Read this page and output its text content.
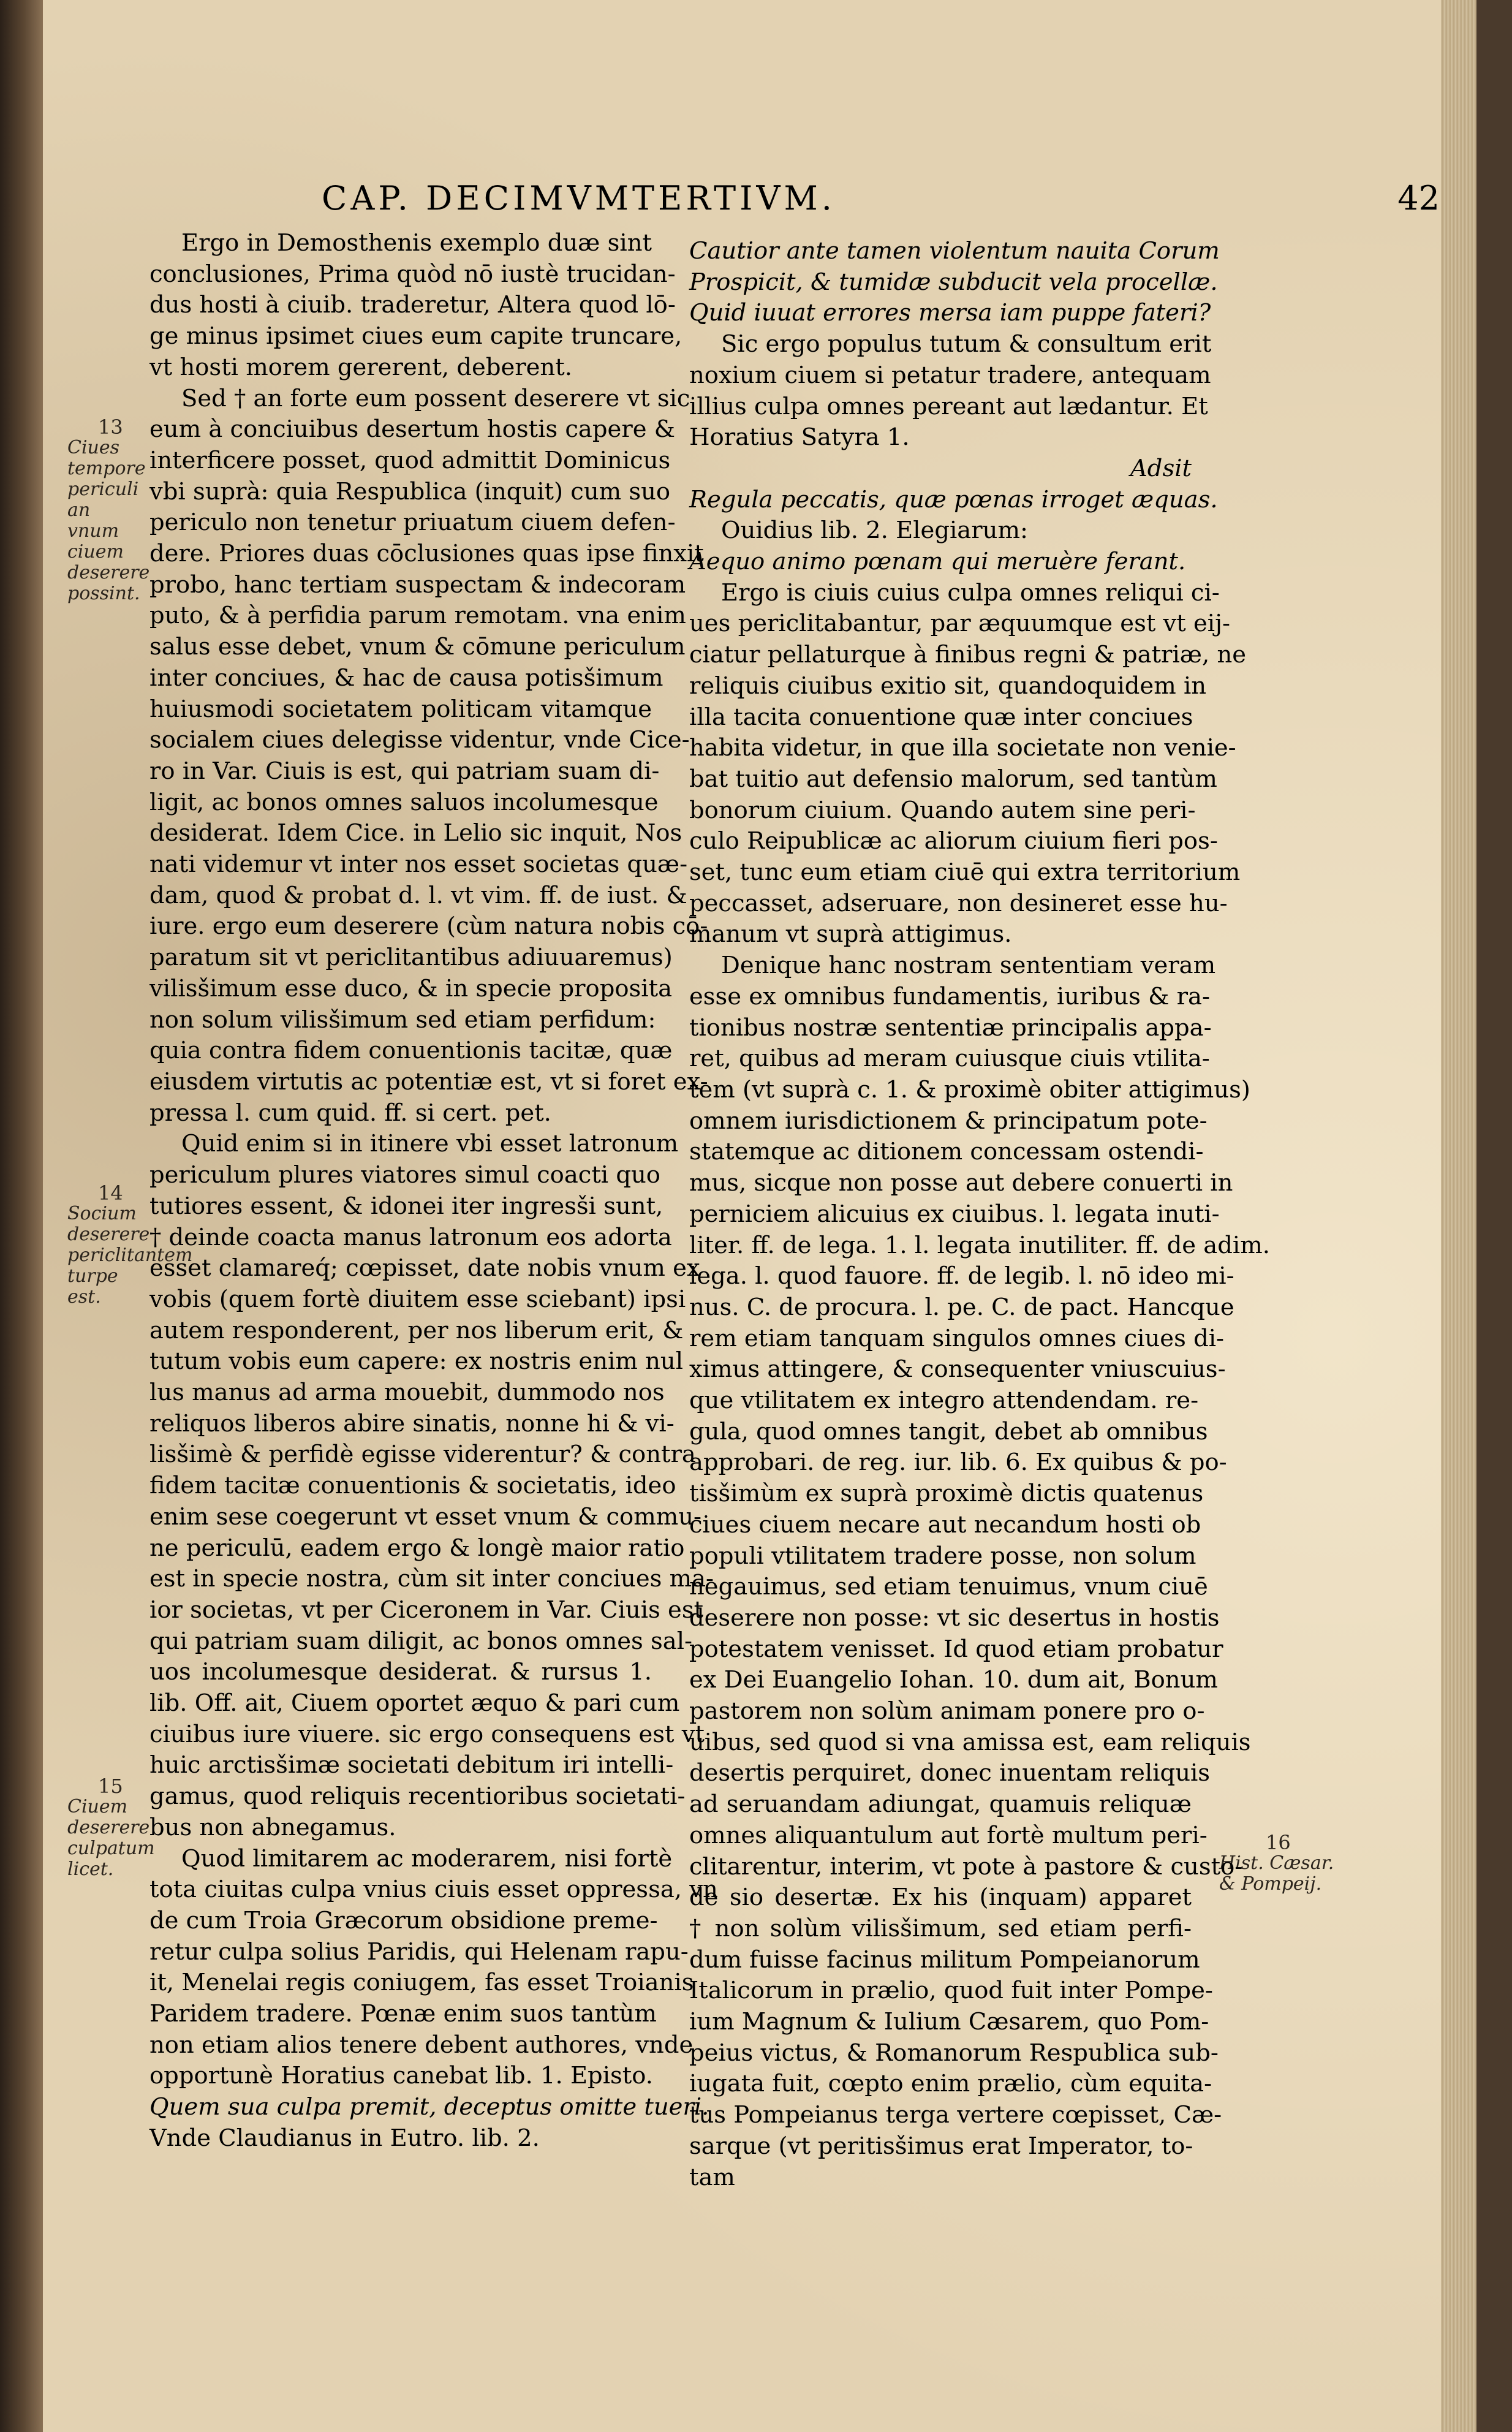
CAP. DECIMVMTERTIVM.	42
13
Ciues tempore periculi an vnum ciuem deserere possint.
14
Socium deserere periclitantem turpe est.
15
Ciuem deserere culpatum licet.
16
Hist. Cæsar. & Pompeij.
Ergo in Demosthenis exemplo duæ sint
conclusiones, Prima quòd nō iustè trucidan-
dus hosti à ciuib. traderetur, Altera quod lō-
ge minus ipsimet ciues eum capite truncare,
vt hosti morem gererent, deberent.
Sed † an forte eum possent deserere vt sic
eum à conciuibus desertum hostis capere &
interficere posset, quod admittit Dominicus
vbi suprà: quia Respublica (inquit) cum suo
periculo non tenetur priuatum ciuem defen-
dere. Priores duas cōclusiones quas ipse finxit
probo, hanc tertiam suspectam & indecoram
puto, & à perfidia parum remotam. vna enim
salus esse debet, vnum & cōmune periculum
inter conciues, & hac de causa potisšimum
huiusmodi societatem politicam vitamque
socialem ciues delegisse videntur, vnde Cice-
ro in Var. Ciuis is est, qui patriam suam di-
ligit, ac bonos omnes saluos incolumesque
desiderat. Idem Cice. in Lelio sic inquit, Nos
nati videmur vt inter nos esset societas quæ-
dam, quod & probat d. l. vt vim. ff. de iust. &
iure. ergo eum deserere (cùm natura nobis cō-
paratum sit vt periclitantibus adiuuaremus)
vilisšimum esse duco, & in specie proposita
non solum vilisšimum sed etiam perfidum:
quia contra fidem conuentionis tacitæ, quæ
eiusdem virtutis ac potentiæ est, vt si foret ex-
pressa l. cum quid. ff. si cert. pet.
Quid enim si in itinere vbi esset latronum
periculum plures viatores simul coacti quo
tutiores essent, & idonei iter ingresši sunt,
† deinde coacta manus latronum eos adorta
esset clamareq́; cœpisset, date nobis vnum ex
vobis (quem fortè diuitem esse sciebant) ipsi
autem responderent, per nos liberum erit, &
tutum vobis eum capere: ex nostris enim nul
lus manus ad arma mouebit, dummodo nos
reliquos liberos abire sinatis, nonne hi & vi-
lisšimè & perfidè egisse viderentur? & contra
fidem tacitæ conuentionis & societatis, ideo
enim sese coegerunt vt esset vnum & commu-
ne periculū, eadem ergo & longè maior ratio
est in specie nostra, cùm sit inter conciues ma-
ior societas, vt per Ciceronem in Var. Ciuis est
qui patriam suam diligit, ac bonos omnes sal-
uos incolumesque desiderat. & rursus 1.
lib. Off. ait, Ciuem oportet æquo & pari cum
ciuibus iure viuere. sic ergo consequens est vt
huic arctisšimæ societati debitum iri intelli-
gamus, quod reliquis recentioribus societati-
bus non abnegamus.
Quod limitarem ac moderarem, nisi fortè
tota ciuitas culpa vnius ciuis esset oppressa, vn
de cum Troia Græcorum obsidione preme-
retur culpa solius Paridis, qui Helenam rapu-
it, Menelai regis coniugem, fas esset Troianis
Paridem tradere. Pœnæ enim suos tantùm
non etiam alios tenere debent authores, vnde
opportunè Horatius canebat lib. 1. Episto.
Quem sua culpa premit, deceptus omitte tueri.
Vnde Claudianus in Eutro. lib. 2.
Cautior ante tamen violentum nauita Corum
Prospicit, & tumidæ subducit vela procellæ.
Quid iuuat errores mersa iam puppe fateri?
Sic ergo populus tutum & consultum erit
noxium ciuem si petatur tradere, antequam
illius culpa omnes pereant aut lædantur. Et
Horatius Satyra 1.
Adsit
Regula peccatis, quæ pœnas irroget æquas.
Ouidius lib. 2. Elegiarum:
Aequo animo pœnam qui meruère ferant.
Ergo is ciuis cuius culpa omnes reliqui ci-
ues periclitabantur, par æquumque est vt eij-
ciatur pellaturque à finibus regni & patriæ, ne
reliquis ciuibus exitio sit, quandoquidem in
illa tacita conuentione quæ inter conciues
habita videtur, in que illa societate non venie-
bat tuitio aut defensio malorum, sed tantùm
bonorum ciuium. Quando autem sine peri-
culo Reipublicæ ac aliorum ciuium fieri pos-
set, tunc eum etiam ciuē qui extra territorium
peccasset, adseruare, non desineret esse hu-
manum vt suprà attigimus.
Denique hanc nostram sententiam veram
esse ex omnibus fundamentis, iuribus & ra-
tionibus nostræ sententiæ principalis appa-
ret, quibus ad meram cuiusque ciuis vtilita-
tem (vt suprà c. 1. & proximè obiter attigimus)
omnem iurisdictionem & principatum pote-
statemque ac ditionem concessam ostendi-
mus, sicque non posse aut debere conuerti in
perniciem alicuius ex ciuibus. l. legata inuti-
liter. ff. de lega. 1. l. legata inutiliter. ff. de adim.
lega. l. quod fauore. ff. de legib. l. nō ideo mi-
nus. C. de procura. l. pe. C. de pact. Hancque
rem etiam tanquam singulos omnes ciues di-
ximus attingere, & consequenter vniuscuius-
que vtilitatem ex integro attendendam. re-
gula, quod omnes tangit, debet ab omnibus
approbari. de reg. iur. lib. 6. Ex quibus & po-
tisšimùm ex suprà proximè dictis quatenus
ciues ciuem necare aut necandum hosti ob
populi vtilitatem tradere posse, non solum
negauimus, sed etiam tenuimus, vnum ciuē
deserere non posse: vt sic desertus in hostis
potestatem venisset. Id quod etiam probatur
ex Dei Euangelio Iohan. 10. dum ait, Bonum
pastorem non solùm animam ponere pro o-
uibus, sed quod si vna amissa est, eam reliquis
desertis perquiret, donec inuentam reliquis
ad seruandam adiungat, quamuis reliquæ
omnes aliquantulum aut fortè multum peri-
clitarentur, interim, vt pote à pastore & custo-
de sio desertæ. Ex his (inquam) apparet
† non solùm vilisšimum, sed etiam perfi-
dum fuisse facinus militum Pompeianorum
Italicorum in prælio, quod fuit inter Pompe-
ium Magnum & Iulium Cæsarem, quo Pom-
peius victus, & Romanorum Respublica sub-
iugata fuit, cœpto enim prælio, cùm equita-
tus Pompeianus terga vertere cœpisset, Cæ-
sarque (vt peritisšimus erat Imperator, to-
tam
